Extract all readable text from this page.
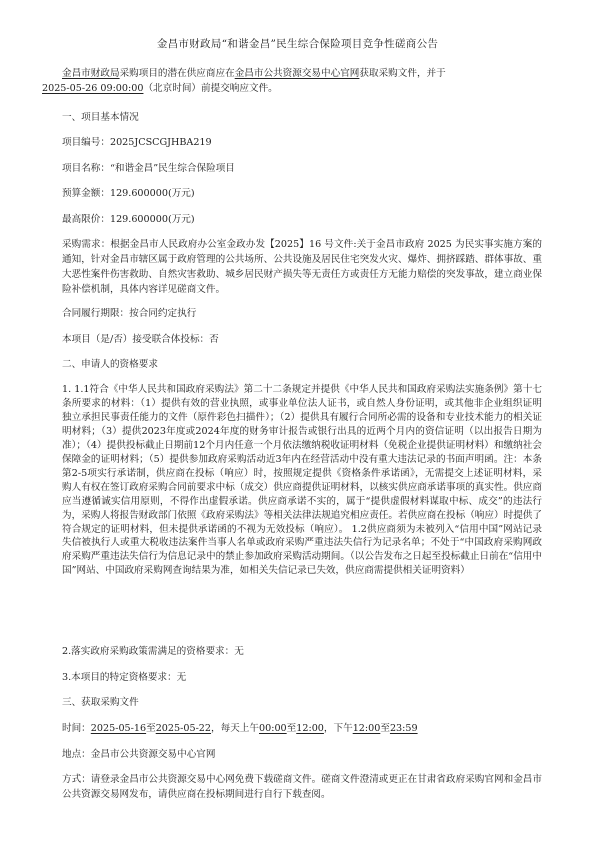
金昌市财政局“和谐金昌”民生综合保险项目竞争性磋商公告
金昌市财政局采购项目的潜在供应商应在金昌市公共资源交易中心官网获取采购文件，并于
2025-05-26 09:00:00（北京时间）前提交响应文件。
一、项目基本情况
项目编号：2025JCSCGJHBA219
项目名称：“和谐金昌”民生综合保险项目
预算金额：129.600000(万元)
最高限价：129.600000(万元)
采购需求：根据金昌市人民政府办公室金政办发【2025】16 号文件:关于金昌市政府 2025 为民实事实施方案的通知，针对金昌市辖区属于政府管理的公共场所、公共设施及居民住宅突发火灾、爆炸、拥挤踩踏、群体事故、重大恶性案件伤害救助、自然灾害救助、城乡居民财产损失等无责任方或责任方无能力赔偿的突发事故，建立商业保险补偿机制，具体内容详见磋商文件。
合同履行期限：按合同约定执行
本项目（是/否）接受联合体投标：否
二、申请人的资格要求
1. 1.1符合《中华人民共和国政府采购法》第二十二条规定并提供《中华人民共和国政府采购法实施条例》第十七条所要求的材料：（1）提供有效的营业执照，或事业单位法人证书，或自然人身份证明，或其他非企业组织证明独立承担民事责任能力的文件（原件彩色扫描件）；（2）提供具有履行合同所必需的设备和专业技术能力的相关证明材料；（3）提供2023年度或2024年度的财务审计报告或银行出具的近两个月内的资信证明（以出报告日期为准）；（4）提供投标截止日期前12个月内任意一个月依法缴纳税收证明材料（免税企业提供证明材料）和缴纳社会保障金的证明材料；（5）提供参加政府采购活动近3年内在经营活动中没有重大违法记录的书面声明函。注：本条第2-5项实行承诺制，供应商在投标（响应）时，按照规定提供《资格条件承诺函》，无需提交上述证明材料，采购人有权在签订政府采购合同前要求中标（成交）供应商提供证明材料，以核实供应商承诺事项的真实性。供应商应当遵循诚实信用原则，不得作出虚假承诺。供应商承诺不实的，属于“提供虚假材料谋取中标、成交”的违法行为，采购人将报告财政部门依照《政府采购法》等相关法律法规追究相应责任。若供应商在投标（响应）时提供了符合规定的证明材料，但未提供承诺函的不视为无效投标（响应）。 1.2供应商须为未被列入“信用中国”网站记录失信被执行人或重大税收违法案件当事人名单或政府采购严重违法失信行为记录名单；不处于“中国政府采购网政府采购严重违法失信行为信息记录中的禁止参加政府采购活动期间。（以公告发布之日起至投标截止日前在“信用中国”网站、中国政府采购网查询结果为准，如相关失信记录已失效，供应商需提供相关证明资料）
2.落实政府采购政策需满足的资格要求：无
3.本项目的特定资格要求：无
三、获取采购文件
时间：2025-05-16至2025-05-22，每天上午00:00至12:00，下午12:00至23:59
地点：金昌市公共资源交易中心官网
方式：请登录金昌市公共资源交易中心网免费下载磋商文件。磋商文件澄清或更正在甘肃省政府采购官网和金昌市公共资源交易网发布，请供应商在投标期间进行自行下载查阅。
